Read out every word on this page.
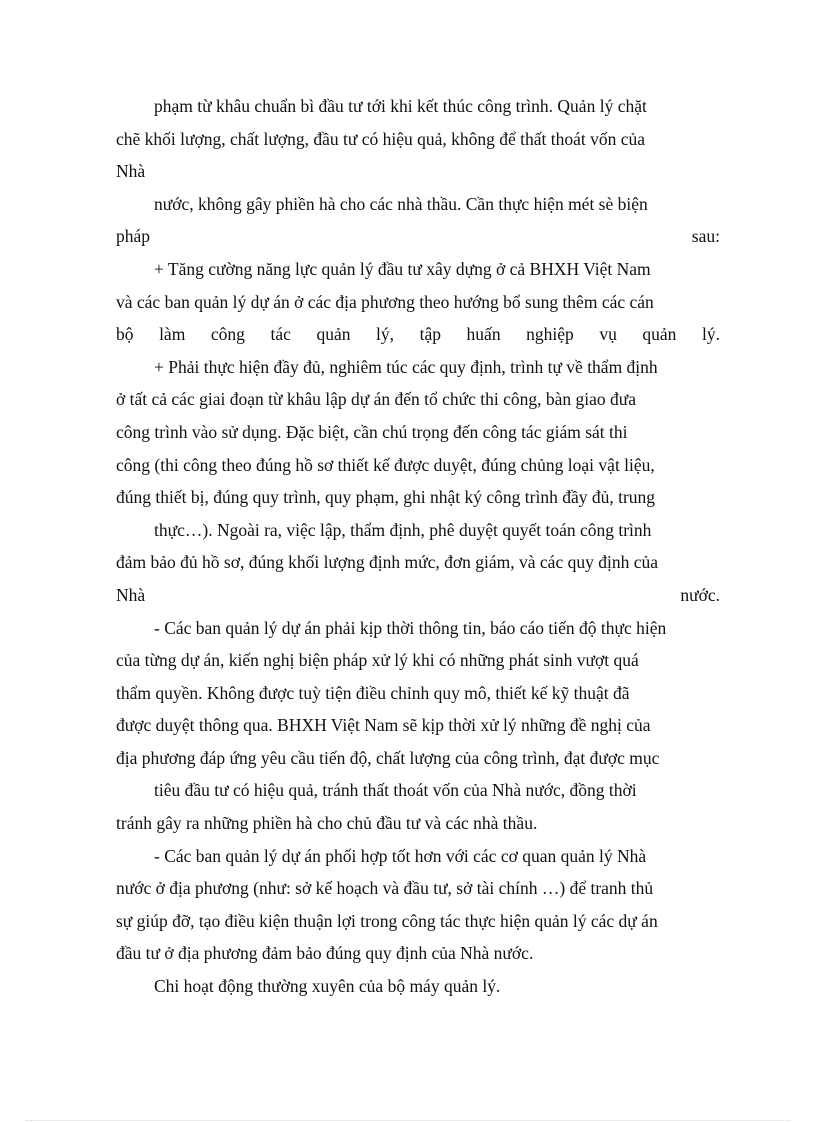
phạm từ khâu chuẩn bì đầu tư tới khi kết thúc công trình. Quản lý chặt
chẽ khối lượng, chất lượng, đầu tư có hiệu quả, không để thất thoát vốn của
Nhà
nước, không gây phiền hà cho các nhà thầu. Cần thực hiện mét sè biện
pháp	sau:
+ Tăng cường năng lực quản lý đầu tư xây dựng ở cả BHXH Việt Nam
và các ban quản lý dự án ở các địa phương theo hướng bổ sung thêm các cán
bộ làm công tác quản lý, tập huấn nghiệp vụ quản lý.
+ Phải thực hiện đầy đủ, nghiêm túc các quy định, trình tự về thẩm định
ở tất cả các giai đoạn từ khâu lập dự án đến tổ chức thi công, bàn giao đưa
công trình vào sử dụng. Đặc biệt, cần chú trọng đến công tác giám sát thi
công (thi công theo đúng hồ sơ thiết kế được duyệt, đúng chủng loại vật liệu,
đúng thiết bị, đúng quy trình, quy phạm, ghi nhật ký công trình đầy đủ, trung
thực…). Ngoài ra, việc lập, thẩm định, phê duyệt quyết toán công trình
đảm bảo đủ hồ sơ, đúng khối lượng định mức, đơn giám, và các quy định của
Nhà	nước.
- Các ban quản lý dự án phải kịp thời thông tin, báo cáo tiến độ thực hiện
của từng dự án, kiến nghị biện pháp xử lý khi có những phát sinh vượt quá
thẩm quyền. Không được tuỳ tiện điều chỉnh quy mô, thiết kế kỹ thuật đã
được duyệt thông qua. BHXH Việt Nam sẽ kịp thời xử lý những đề nghị của
địa phương đáp ứng yêu cầu tiến độ, chất lượng của công trình, đạt được mục
tiêu đầu tư có hiệu quả, tránh thất thoát vốn của Nhà nước, đồng thời
tránh gây ra những phiền hà cho chủ đầu tư và các nhà thầu.
- Các ban quản lý dự án phối hợp tốt hơn với các cơ quan quản lý Nhà
nước ở địa phương (như: sở kế hoạch và đầu tư, sở tài chính …) để tranh thủ
sự giúp đỡ, tạo điều kiện thuận lợi trong công tác thực hiện quản lý các dự án
đầu tư ở địa phương đảm bảo đúng quy định của Nhà nước.
Chi hoạt động thường xuyên của bộ máy quản lý.
